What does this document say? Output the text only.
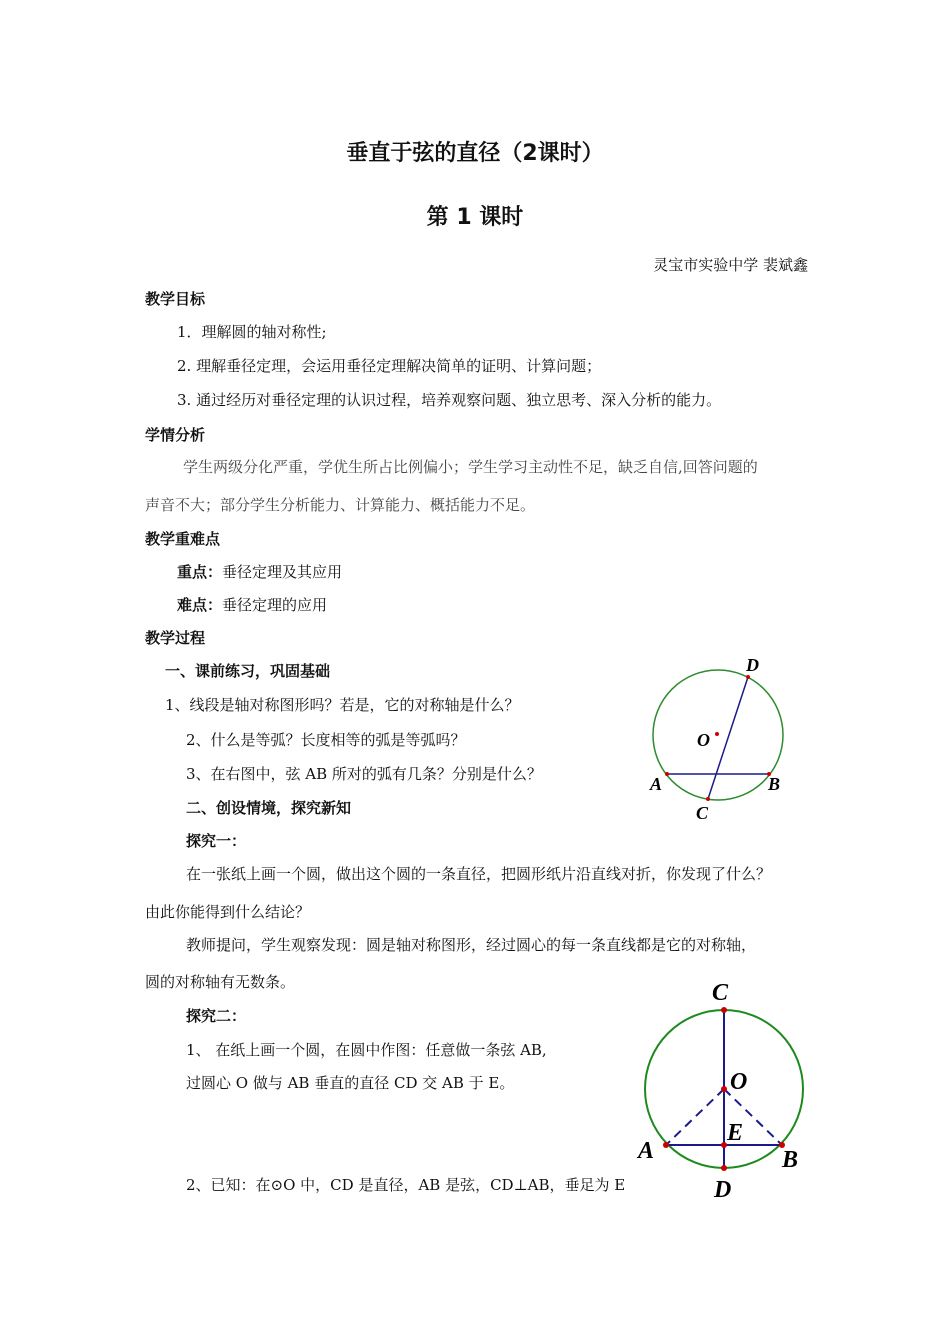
垂直于弦的直径（2课时）
第 1 课时
灵宝市实验中学 裴斌鑫
教学目标
1．理解圆的轴对称性;
2. 理解垂径定理，会运用垂径定理解决简单的证明、计算问题；
3. 通过经历对垂径定理的认识过程，培养观察问题、独立思考、深入分析的能力。
学情分析
学生两级分化严重，学优生所占比例偏小；学生学习主动性不足，缺乏自信,回答问题的
声音不大；部分学生分析能力、计算能力、概括能力不足。
教学重难点
重点：垂径定理及其应用
难点：垂径定理的应用
教学过程
一、课前练习，巩固基础
1、线段是轴对称图形吗？若是，它的对称轴是什么？
2、什么是等弧？长度相等的弧是等弧吗？
3、在右图中，弦 AB 所对的弧有几条？分别是什么？
二、创设情境，探究新知
探究一：
在一张纸上画一个圆，做出这个圆的一条直径，把圆形纸片沿直线对折，你发现了什么？
由此你能得到什么结论？
教师提问，学生观察发现：圆是轴对称图形，经过圆心的每一条直线都是它的对称轴，
圆的对称轴有无数条。
探究二：
1、 在纸上画一个圆，在圆中作图：任意做一条弦 AB,
过圆心 O 做与 AB 垂直的直径 CD 交 AB 于 E。
2、已知：在⊙O 中，CD 是直径，AB 是弦，CD⊥AB，垂足为 E
D
O
A	B
C
C
O
E
A	B
D
